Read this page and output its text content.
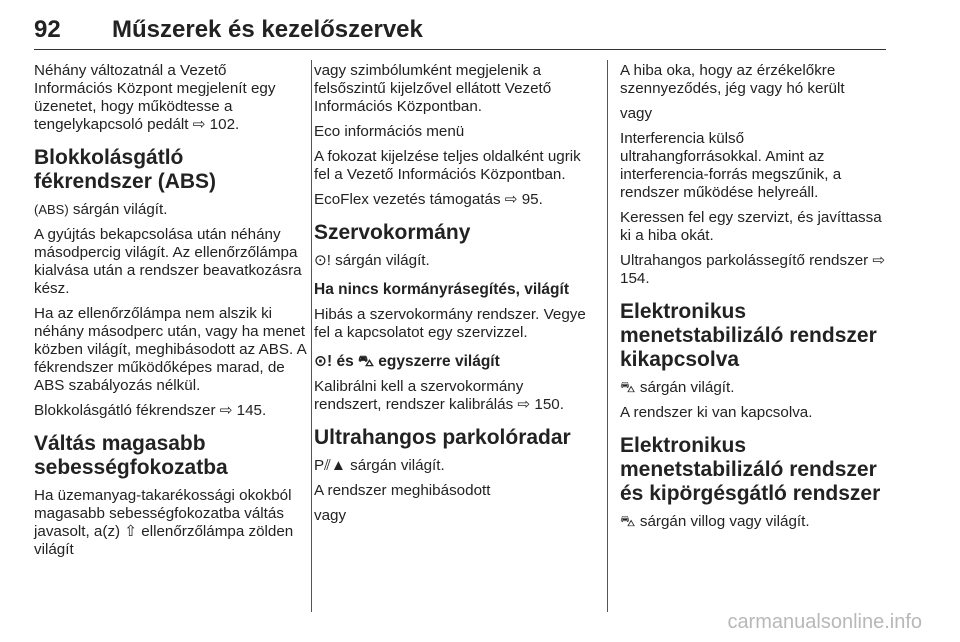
92 Műszerek és kezelőszervek

Néhány változatnál a Vezető Információs Központ megjelenít egy üzenetet, hogy működtesse a tengelykapcsoló pedált ⇨ 102.

Blokkolásgátló fékrendszer (ABS)

(ABS) sárgán világít.

A gyújtás bekapcsolása után néhány másodpercig világít. Az ellenőrzőlámpa kialvása után a rendszer beavatkozásra kész.

Ha az ellenőrzőlámpa nem alszik ki néhány másodperc után, vagy ha menet közben világít, meghibásodott az ABS. A fékrendszer működőképes marad, de ABS szabályozás nélkül.

Blokkolásgátló fékrendszer ⇨ 145.

Váltás magasabb sebességfokozatba

Ha üzemanyag-takarékossági okokból magasabb sebességfokozatba váltás javasolt, a(z) ⇧ ellenőrzőlámpa zölden világít

vagy szimbólumként megjelenik a felsőszintű kijelzővel ellátott Vezető Információs Központban.

Eco információs menü

A fokozat kijelzése teljes oldalként ugrik fel a Vezető Információs Központban.

EcoFlex vezetés támogatás ⇨ 95.

Szervokormány

⊙! sárgán világít.

Ha nincs kormányrásegítés, világít

Hibás a szervokormány rendszer. Vegye fel a kapcsolatot egy szervizzel.

⊙! és ⛍ egyszerre világít

Kalibrálni kell a szervokormány rendszert, rendszer kalibrálás ⇨ 150.

Ultrahangos parkolóradar

P⫽▲ sárgán világít.

A rendszer meghibásodott

vagy

A hiba oka, hogy az érzékelőkre szennyeződés, jég vagy hó került

vagy

Interferencia külső ultrahangforrásokkal. Amint az interferencia-forrás megszűnik, a rendszer működése helyreáll.

Keressen fel egy szervizt, és javíttassa ki a hiba okát.

Ultrahangos parkolássegítő rendszer ⇨ 154.

Elektronikus menetstabilizáló rendszer kikapcsolva

⛍ sárgán világít.

A rendszer ki van kapcsolva.

Elektronikus menetstabilizáló rendszer és kipörgésgátló rendszer

⛍ sárgán villog vagy világít.

carmanualsonline.info
